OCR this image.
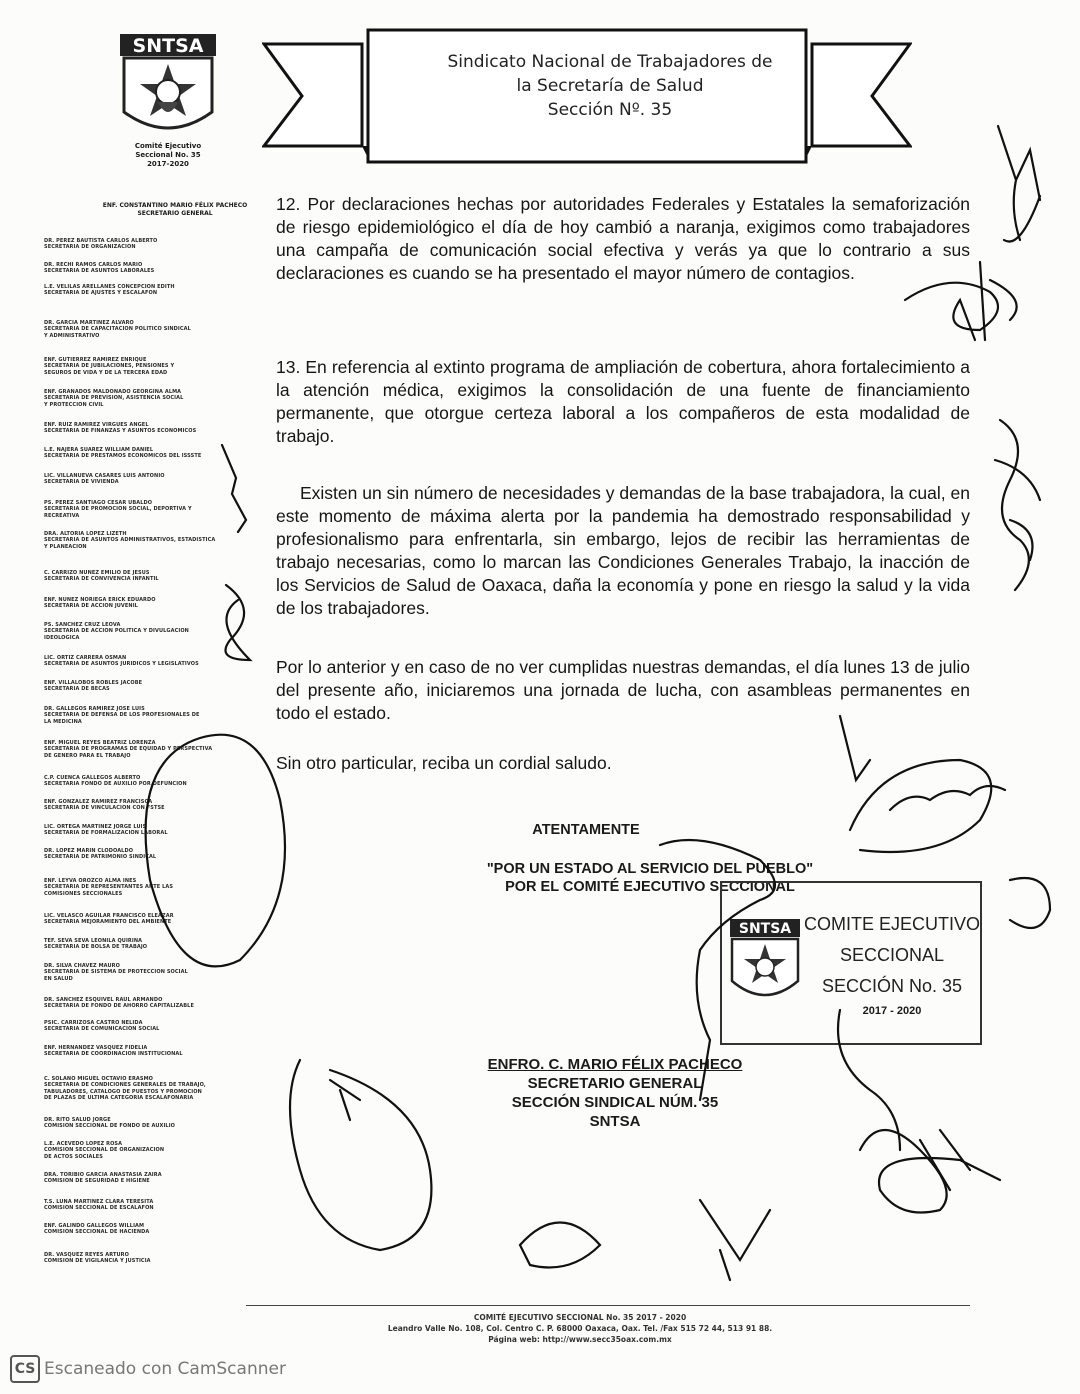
SNTSA
Comité Ejecutivo
Seccional No. 35
2017-2020
Sindicato Nacional de Trabajadores de
la Secretaría de Salud
Sección Nº. 35
ENF. CONSTANTINO MARIO FÉLIX PACHECO
SECRETARIO GENERAL
DR. PÉREZ BAUTISTA CARLOS ALBERTO
SECRETARÍA DE ORGANIZACIÓN
DR. RECHI RAMOS CARLOS MARIO
SECRETARÍA DE ASUNTOS LABORALES
L.E. VELILAS ARELLANES CONCEPCIÓN EDITH
SECRETARÍA DE AJUSTES Y ESCALAFÓN
DR. GARCÍA MARTÍNEZ ALVARO
SECRETARÍA DE CAPACITACIÓN POLÍTICO SINDICAL
Y ADMINISTRATIVO
ENF. GUTIÉRREZ RAMÍREZ ENRIQUE
SECRETARÍA DE JUBILACIONES, PENSIONES Y
SEGUROS DE VIDA Y DE LA TERCERA EDAD
ENF. GRANADOS MALDONADO GEORGINA ALMA
SECRETARÍA DE PREVISIÓN, ASISTENCIA SOCIAL
Y PROTECCIÓN CIVIL
ENF. RUIZ RAMÍREZ VIRGUES ÁNGEL
SECRETARÍA DE FINANZAS Y ASUNTOS ECONÓMICOS
L.E. NÁJERA SUÁREZ WILLIAM DANIEL
SECRETARÍA DE PRÉSTAMOS ECONÓMICOS DEL ISSSTE
LIC. VILLANUEVA CASARES LUIS ANTONIO
SECRETARÍA DE VIVIENDA
PS. PÉREZ SANTIAGO CESAR UBALDO
SECRETARÍA DE PROMOCIÓN SOCIAL, DEPORTIVA Y
RECREATIVA
DRA. ALTORIA LÓPEZ LIZETH
SECRETARÍA DE ASUNTOS ADMINISTRATIVOS, ESTADÍSTICA
Y PLANEACIÓN
C. CARRIZO NÚÑEZ EMILIO DE JESÚS
SECRETARÍA DE CONVIVENCIA INFANTIL
ENF. NÚÑEZ NORIEGA ERICK EDUARDO
SECRETARÍA DE ACCIÓN JUVENIL
PS. SÁNCHEZ CRUZ LEOVA
SECRETARÍA DE ACCIÓN POLÍTICA Y DIVULGACIÓN
IDEOLÓGICA
LIC. ORTIZ CARRERA OSMAN
SECRETARÍA DE ASUNTOS JURÍDICOS Y LEGISLATIVOS
ENF. VILLALOBOS ROBLES JACOBE
SECRETARÍA DE BECAS
DR. GALLEGOS RAMÍREZ JOSÉ LUIS
SECRETARÍA DE DEFENSA DE LOS PROFESIONALES DE
LA MEDICINA
ENF. MIGUEL REYES BEATRIZ LORENZA
SECRETARÍA DE PROGRAMAS DE EQUIDAD Y PERSPECTIVA
DE GÉNERO PARA EL TRABAJO
C.P. CUENCA GALLEGOS ALBERTO
SECRETARÍA FONDO DE AUXILIO POR DEFUNCIÓN
ENF. GONZÁLEZ RAMÍREZ FRANCISCA
SECRETARÍA DE VINCULACIÓN CON FSTSE
LIC. ORTEGA MARTÍNEZ JORGE LUIS
SECRETARÍA DE FORMALIZACIÓN LABORAL
DR. LÓPEZ MARÍN CLODOALDO
SECRETARÍA DE PATRIMONIO SINDICAL
ENF. LEYVA OROZCO ALMA INÉS
SECRETARÍA DE REPRESENTANTES ANTE LAS
COMISIONES SECCIONALES
LIC. VELASCO AGUILAR FRANCISCO ELEAZAR
SECRETARÍA MEJORAMIENTO DEL AMBIENTE
TEF. SEVA SEVA LEONILA QUIRINA
SECRETARÍA DE BOLSA DE TRABAJO
DR. SILVA CHÁVEZ MAURO
SECRETARÍA DE SISTEMA DE PROTECCIÓN SOCIAL
EN SALUD
DR. SÁNCHEZ ESQUIVEL RAÚL ARMANDO
SECRETARÍA DE FONDO DE AHORRO CAPITALIZABLE
PSIC. CARRIZOSA CASTRO NELIDA
SECRETARÍA DE COMUNICACIÓN SOCIAL
ENF. HERNÁNDEZ VÁSQUEZ FIDELIA
SECRETARÍA DE COORDINACIÓN INSTITUCIONAL
C. SOLANO MIGUEL OCTAVIO ERASMO
SECRETARÍA DE CONDICIONES GENERALES DE TRABAJO,
TABULADORES, CATÁLOGO DE PUESTOS Y PROMOCIÓN
DE PLAZAS DE ÚLTIMA CATEGORÍA ESCALAFONARIA
DR. RITO SALUD JORGE
COMISIÓN SECCIONAL DE FONDO DE AUXILIO
L.E. ACEVEDO LÓPEZ ROSA
COMISIÓN SECCIONAL DE ORGANIZACIÓN
DE ACTOS SOCIALES
DRA. TORIBIO GARCÍA ANASTASIA ZAIRA
COMISIÓN DE SEGURIDAD E HIGIENE
T.S. LUNA MARTÍNEZ CLARA TERESITA
COMISIÓN SECCIONAL DE ESCALAFÓN
ENF. GALINDO GALLEGOS WILLIAM
COMISIÓN SECCIONAL DE HACIENDA
DR. VÁSQUEZ REYES ARTURO
COMISIÓN DE VIGILANCIA Y JUSTICIA
12. Por declaraciones hechas por autoridades Federales y Estatales la semaforización de riesgo epidemiológico el día de hoy cambió a naranja, exigimos como trabajadores una campaña de comunicación social efectiva y verás ya que lo contrario a sus declaraciones es cuando se ha presentado el mayor número de contagios.
13. En referencia al extinto programa de ampliación de cobertura, ahora fortalecimiento a la atención médica, exigimos la consolidación de una fuente de financiamiento permanente, que otorgue certeza laboral a los compañeros de esta modalidad de trabajo.
Existen un sin número de necesidades y demandas de la base trabajadora, la cual, en este momento de máxima alerta por la pandemia ha demostrado responsabilidad y profesionalismo para enfrentarla, sin embargo, lejos de recibir las herramientas de trabajo necesarias, como lo marcan las Condiciones Generales Trabajo, la inacción de los Servicios de Salud de Oaxaca, daña la economía y pone en riesgo la salud y la vida de los trabajadores.
Por lo anterior y en caso de no ver cumplidas nuestras demandas, el día lunes 13 de julio del presente año, iniciaremos una jornada de lucha, con asambleas permanentes en todo el estado.
Sin otro particular, reciba un cordial saludo.
ATENTAMENTE
"POR UN ESTADO AL SERVICIO DEL PUEBLO"
POR EL COMITÉ EJECUTIVO SECCIONAL
SNTSA COMITE EJECUTIVO
SECCIONAL
SECCIÓN No. 35
2017 - 2020
ENFRO. C. MARIO FÉLIX PACHECO
SECRETARIO GENERAL
SECCIÓN SINDICAL NÚM. 35
SNTSA
COMITÉ EJECUTIVO SECCIONAL No. 35 2017 - 2020
Leandro Valle No. 108, Col. Centro C. P. 68000 Oaxaca, Oax. Tel. /Fax 515 72 44, 513 91 88.
Página web: http://www.secc35oax.com.mx
CS Escaneado con CamScanner
